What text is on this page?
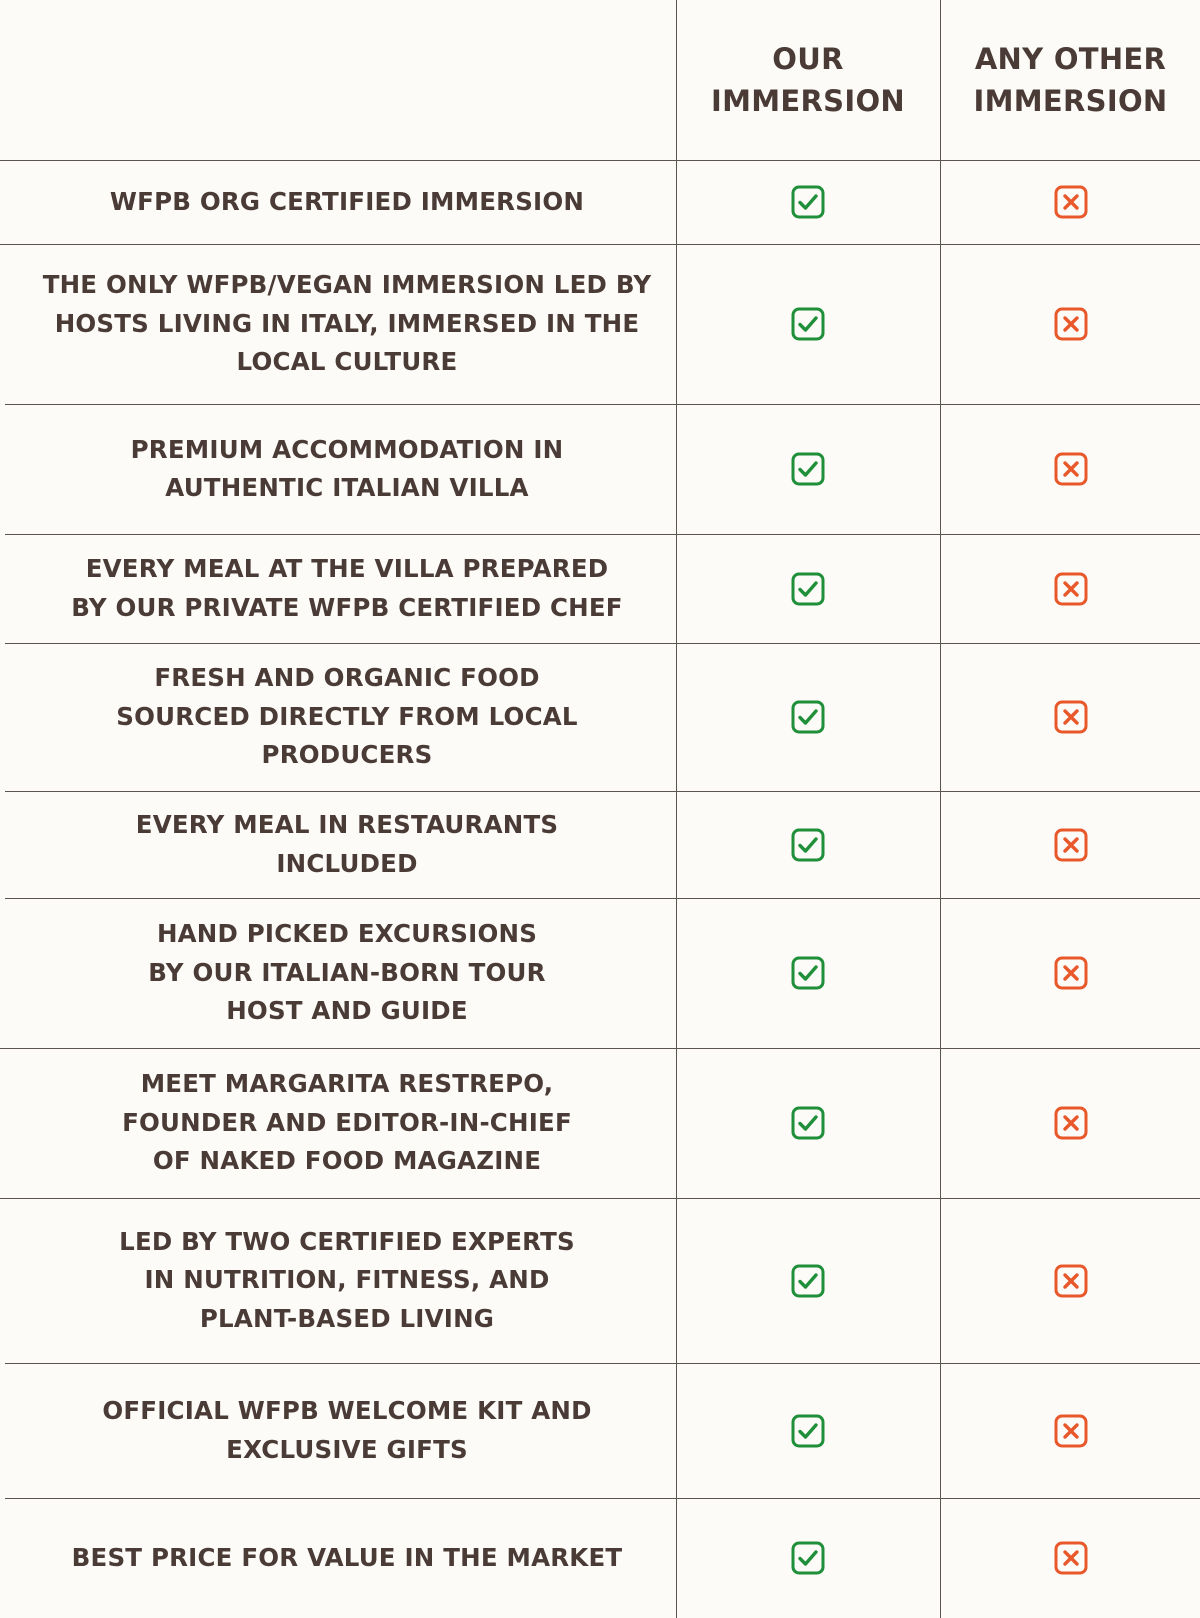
OUR
IMMERSION
ANY OTHER
IMMERSION
WFPB ORG CERTIFIED IMMERSION
THE ONLY WFPB/VEGAN IMMERSION LED BY
HOSTS LIVING IN ITALY, IMMERSED IN THE
LOCAL CULTURE
PREMIUM ACCOMMODATION IN
AUTHENTIC ITALIAN VILLA
EVERY MEAL AT THE VILLA PREPARED
BY OUR PRIVATE WFPB CERTIFIED CHEF
FRESH AND ORGANIC FOOD
SOURCED DIRECTLY FROM LOCAL
PRODUCERS
EVERY MEAL IN RESTAURANTS
INCLUDED
HAND PICKED EXCURSIONS
BY OUR ITALIAN-BORN TOUR
HOST AND GUIDE
MEET MARGARITA RESTREPO,
FOUNDER AND EDITOR-IN-CHIEF
OF NAKED FOOD MAGAZINE
LED BY TWO CERTIFIED EXPERTS
IN NUTRITION, FITNESS, AND
PLANT-BASED LIVING
OFFICIAL WFPB WELCOME KIT AND
EXCLUSIVE GIFTS
BEST PRICE FOR VALUE IN THE MARKET
